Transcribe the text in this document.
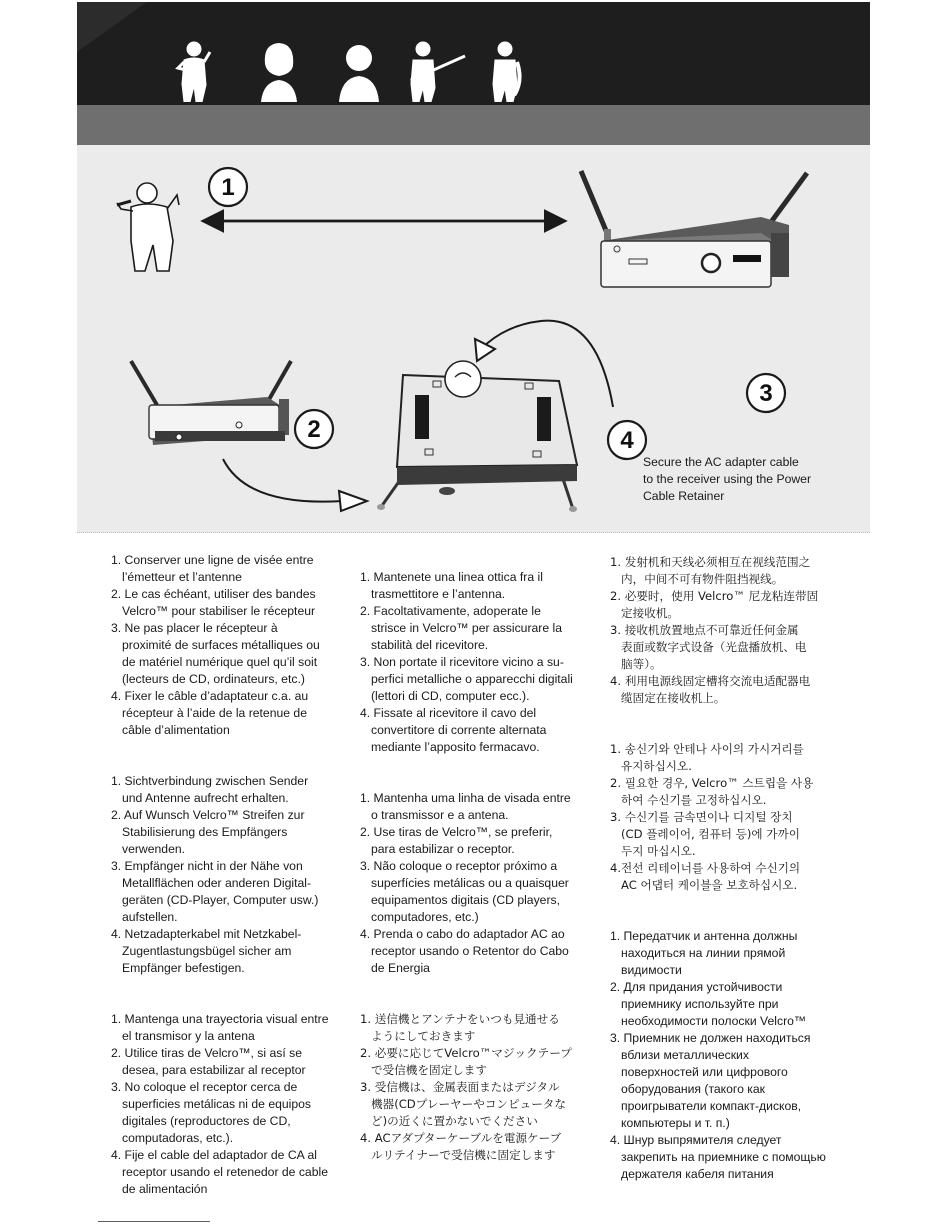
1
2
3
4
Secure the AC adapter cable
to the receiver using the Power
Cable Retainer
1. Conserver une ligne de visée entre
l’émetteur et l’antenne
2. Le cas échéant, utiliser des bandes
Velcro™ pour stabiliser le récepteur
3. Ne pas placer le récepteur à
proximité de surfaces métalliques ou
de matériel numérique quel qu’il soit
(lecteurs de CD, ordinateurs, etc.)
4. Fixer le câble d’adaptateur c.a. au
récepteur à l’aide de la retenue de
câble d’alimentation
1. Sichtverbindung zwischen Sender
und Antenne aufrecht erhalten.
2. Auf Wunsch Velcro™ Streifen zur
Stabilisierung des Empfängers
verwenden.
3. Empfänger nicht in der Nähe von
Metallflächen oder anderen Digital-
geräten (CD-Player, Computer usw.)
aufstellen.
4. Netzadapterkabel mit Netzkabel-
Zugentlastungsbügel sicher am
Empfänger befestigen.
1. Mantenga una trayectoria visual entre
el transmisor y la antena
2. Utilice tiras de Velcro™, si así se
desea, para estabilizar al receptor
3. No coloque el receptor cerca de
superficies metálicas ni de equipos
digitales (reproductores de CD,
computadoras, etc.).
4. Fije el cable del adaptador de CA al
receptor usando el retenedor de cable
de alimentación
1. Mantenete una linea ottica fra il
trasmettitore e l’antenna.
2. Facoltativamente, adoperate le
strisce in Velcro™ per assicurare la
stabilità del ricevitore.
3. Non portate il ricevitore vicino a su-
perfici metalliche o apparecchi digitali
(lettori di CD, computer ecc.).
4. Fissate al ricevitore il cavo del
convertitore di corrente alternata
mediante l’apposito fermacavo.
1. Mantenha uma linha de visada entre
o transmissor e a antena.
2. Use tiras de Velcro™, se preferir,
para estabilizar o receptor.
3. Não coloque o receptor próximo a
superfícies metálicas ou a quaisquer
equipamentos digitais (CD players,
computadores, etc.)
4. Prenda o cabo do adaptador AC ao
receptor usando o Retentor do Cabo
de Energia
1. 送信機とアンテナをいつも見通せる
ようにしておきます
2. 必要に応じてVelcro™マジックテープ
で受信機を固定します
3. 受信機は、金属表面またはデジタル
機器(CDプレーヤーやコンピュータな
ど)の近くに置かないでください
4. ACアダプターケーブルを電源ケーブ
ルリテイナーで受信機に固定します
1. 发射机和天线必须相互在视线范围之
内，中间不可有物件阻挡视线。
2. 必要时，使用 Velcro™ 尼龙粘连带固
定接收机。
3. 接收机放置地点不可靠近任何金属
表面或数字式设备（光盘播放机、电
脑等）。
4. 利用电源线固定槽将交流电适配器电
缆固定在接收机上。
1. 송신기와 안테나 사이의 가시거리를
유지하십시오.
2. 필요한 경우, Velcro™ 스트립을 사용
하여 수신기를 고정하십시오.
3. 수신기를 금속면이나 디지털 장치
(CD 플레이어, 컴퓨터 등)에 가까이
두지 마십시오.
4.전선 리테이너를 사용하여 수신기의
AC 어댑터 케이블을 보호하십시오.
1. Передатчик и антенна должны
находиться на линии прямой
видимости
2. Для придания устойчивости
приемнику используйте при
необходимости полоски Velcro™
3. Приемник не должен находиться
вблизи металлических
поверхностей или цифрового
оборудования (такого как
проигрыватели компакт-дисков,
компьютеры и т. п.)
4. Шнур выпрямителя следует
закрепить на приемнике с помощью
держателя кабеля питания
